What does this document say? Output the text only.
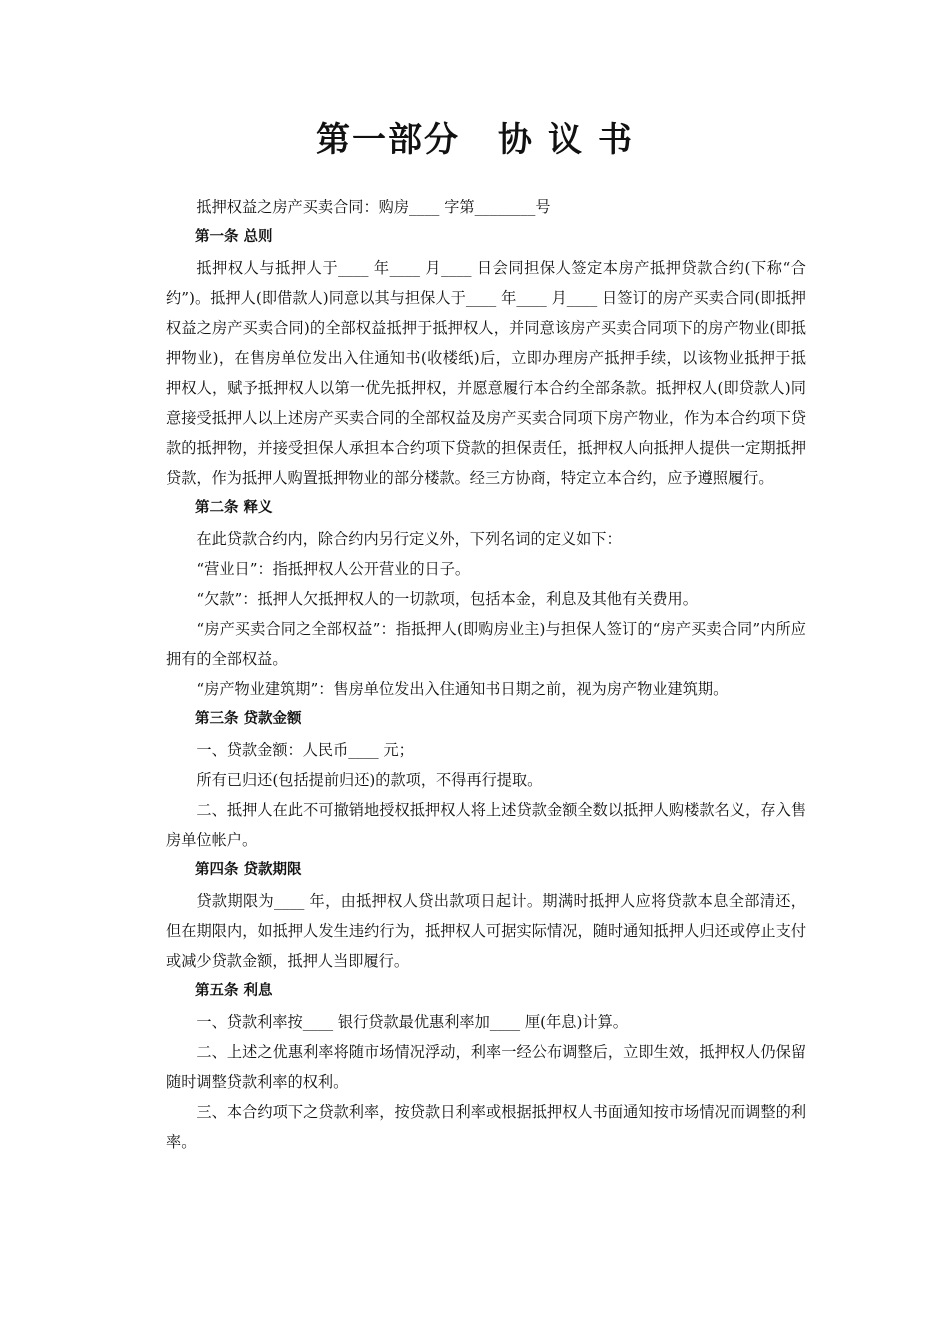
第一部分 协 议 书

抵押权益之房产买卖合同：购房____ 字第________号

第一条 总则

抵押权人与抵押人于____ 年____ 月____ 日会同担保人签定本房产抵押贷款合约(下称“合约”)。抵押人(即借款人)同意以其与担保人于____ 年____ 月____ 日签订的房产买卖合同(即抵押权益之房产买卖合同)的全部权益抵押于抵押权人，并同意该房产买卖合同项下的房产物业(即抵押物业)，在售房单位发出入住通知书(收楼纸)后，立即办理房产抵押手续，以该物业抵押于抵押权人，赋予抵押权人以第一优先抵押权，并愿意履行本合约全部条款。抵押权人(即贷款人)同意接受抵押人以上述房产买卖合同的全部权益及房产买卖合同项下房产物业，作为本合约项下贷款的抵押物，并接受担保人承担本合约项下贷款的担保责任，抵押权人向抵押人提供一定期抵押贷款，作为抵押人购置抵押物业的部分楼款。经三方协商，特定立本合约，应予遵照履行。

第二条 释义

在此贷款合约内，除合约内另行定义外，下列名词的定义如下：

“营业日”：指抵押权人公开营业的日子。

“欠款”：抵押人欠抵押权人的一切款项，包括本金，利息及其他有关费用。

“房产买卖合同之全部权益”：指抵押人(即购房业主)与担保人签订的“房产买卖合同”内所应拥有的全部权益。

“房产物业建筑期”：售房单位发出入住通知书日期之前，视为房产物业建筑期。

第三条 贷款金额

一、贷款金额：人民币____ 元；

所有已归还(包括提前归还)的款项，不得再行提取。

二、抵押人在此不可撤销地授权抵押权人将上述贷款金额全数以抵押人购楼款名义，存入售房单位帐户。

第四条 贷款期限

贷款期限为____ 年，由抵押权人贷出款项日起计。期满时抵押人应将贷款本息全部清还，但在期限内，如抵押人发生违约行为，抵押权人可据实际情况，随时通知抵押人归还或停止支付或减少贷款金额，抵押人当即履行。

第五条 利息

一、贷款利率按____ 银行贷款最优惠利率加____ 厘(年息)计算。

二、上述之优惠利率将随市场情况浮动，利率一经公布调整后，立即生效，抵押权人仍保留随时调整贷款利率的权利。

三、本合约项下之贷款利率，按贷款日利率或根据抵押权人书面通知按市场情况而调整的利率。
